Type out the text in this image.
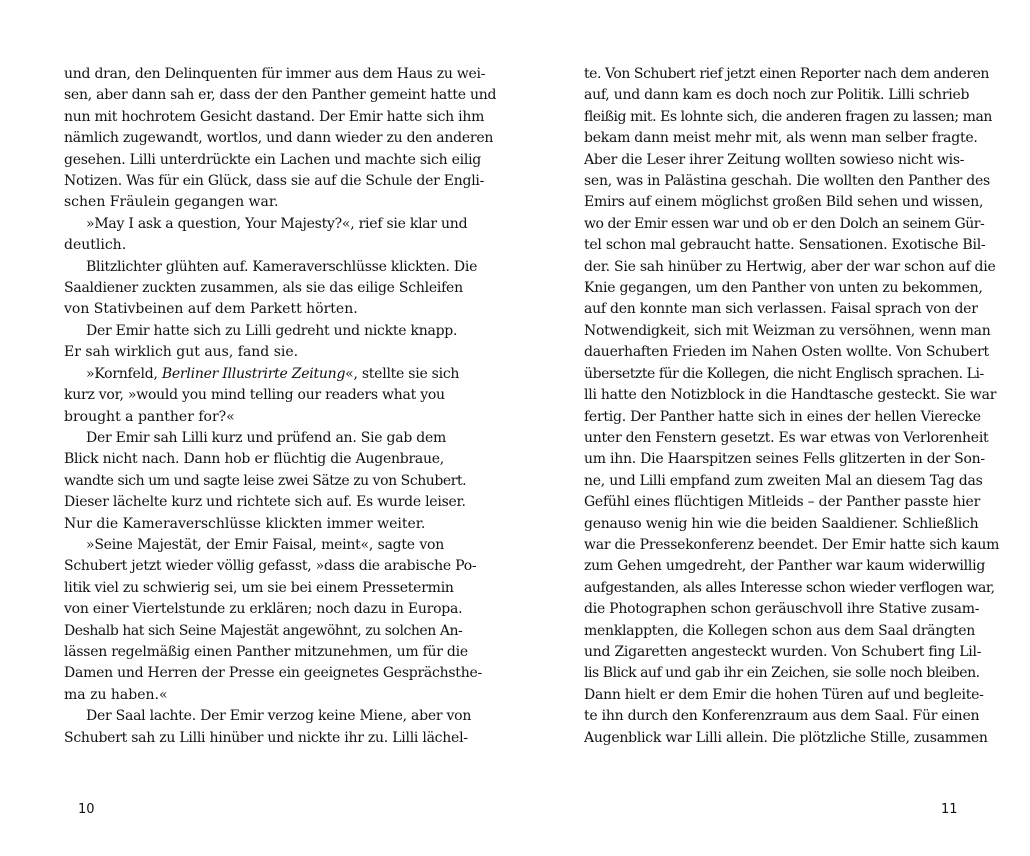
und dran, den Delinquenten für immer aus dem Haus zu wei-
sen, aber dann sah er, dass der den Panther gemeint hatte und
nun mit hochrotem Gesicht dastand. Der Emir hatte sich ihm
nämlich zugewandt, wortlos, und dann wieder zu den anderen
gesehen. Lilli unterdrückte ein Lachen und machte sich eilig
Notizen. Was für ein Glück, dass sie auf die Schule der Engli-
schen Fräulein gegangen war.
»May I ask a question, Your Majesty?«, rief sie klar und
deutlich.
Blitzlichter glühten auf. Kameraverschlüsse klickten. Die
Saaldiener zuckten zusammen, als sie das eilige Schleifen
von Stativbeinen auf dem Parkett hörten.
Der Emir hatte sich zu Lilli gedreht und nickte knapp.
Er sah wirklich gut aus, fand sie.
»Kornfeld, Berliner Illustrirte Zeitung«, stellte sie sich
kurz vor, »would you mind telling our readers what you
brought a panther for?«
Der Emir sah Lilli kurz und prüfend an. Sie gab dem
Blick nicht nach. Dann hob er flüchtig die Augenbraue,
wandte sich um und sagte leise zwei Sätze zu von Schubert.
Dieser lächelte kurz und richtete sich auf. Es wurde leiser.
Nur die Kameraverschlüsse klickten immer weiter.
»Seine Majestät, der Emir Faisal, meint«, sagte von
Schubert jetzt wieder völlig gefasst, »dass die arabische Po-
litik viel zu schwierig sei, um sie bei einem Pressetermin
von einer Viertelstunde zu erklären; noch dazu in Europa.
Deshalb hat sich Seine Majestät angewöhnt, zu solchen An-
lässen regelmäßig einen Panther mitzunehmen, um für die
Damen und Herren der Presse ein geeignetes Gesprächsthe-
ma zu haben.«
Der Saal lachte. Der Emir verzog keine Miene, aber von
Schubert sah zu Lilli hinüber und nickte ihr zu. Lilli lächel-
te. Von Schubert rief jetzt einen Reporter nach dem anderen
auf, und dann kam es doch noch zur Politik. Lilli schrieb
fleißig mit. Es lohnte sich, die anderen fragen zu lassen; man
bekam dann meist mehr mit, als wenn man selber fragte.
Aber die Leser ihrer Zeitung wollten sowieso nicht wis-
sen, was in Palästina geschah. Die wollten den Panther des
Emirs auf einem möglichst großen Bild sehen und wissen,
wo der Emir essen war und ob er den Dolch an seinem Gür-
tel schon mal gebraucht hatte. Sensationen. Exotische Bil-
der. Sie sah hinüber zu Hertwig, aber der war schon auf die
Knie gegangen, um den Panther von unten zu bekommen,
auf den konnte man sich verlassen. Faisal sprach von der
Notwendigkeit, sich mit Weizman zu versöhnen, wenn man
dauerhaften Frieden im Nahen Osten wollte. Von Schubert
übersetzte für die Kollegen, die nicht Englisch sprachen. Li-
lli hatte den Notizblock in die Handtasche gesteckt. Sie war
fertig. Der Panther hatte sich in eines der hellen Vierecke
unter den Fenstern gesetzt. Es war etwas von Verlorenheit
um ihn. Die Haarspitzen seines Fells glitzerten in der Son-
ne, und Lilli empfand zum zweiten Mal an diesem Tag das
Gefühl eines flüchtigen Mitleids – der Panther passte hier
genauso wenig hin wie die beiden Saaldiener. Schließlich
war die Pressekonferenz beendet. Der Emir hatte sich kaum
zum Gehen umgedreht, der Panther war kaum widerwillig
aufgestanden, als alles Interesse schon wieder verflogen war,
die Photographen schon geräuschvoll ihre Stative zusam-
menklappten, die Kollegen schon aus dem Saal drängten
und Zigaretten angesteckt wurden. Von Schubert fing Lil-
lis Blick auf und gab ihr ein Zeichen, sie solle noch bleiben.
Dann hielt er dem Emir die hohen Türen auf und begleite-
te ihn durch den Konferenzraum aus dem Saal. Für einen
Augenblick war Lilli allein. Die plötzliche Stille, zusammen
10	11
